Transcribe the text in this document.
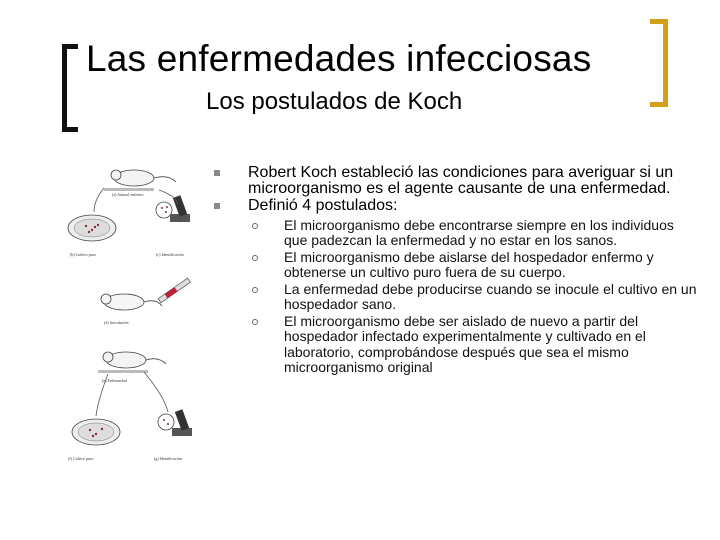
Las enfermedades infecciosas
Los postulados de Koch
(a) Animal enfermo
(b) Cultivo puro	(c) Identificación
(d) Inoculación
(e) Enfermedad
(f) Cultivo puro	(g) Identificación
Robert Koch estableció las condiciones para averiguar si un microorganismo es el agente causante de una enfermedad.
Definió 4 postulados:
El microorganismo debe encontrarse siempre en los individuos que padezcan la enfermedad y no estar en los sanos.
El microorganismo debe aislarse del hospedador enfermo y obtenerse un cultivo puro fuera de su cuerpo.
La enfermedad debe producirse cuando se inocule el cultivo en un hospedador sano.
El microorganismo debe ser aislado de nuevo a partir del hospedador infectado experimentalmente y cultivado en el laboratorio, comprobándose después que sea el mismo microorganismo original
